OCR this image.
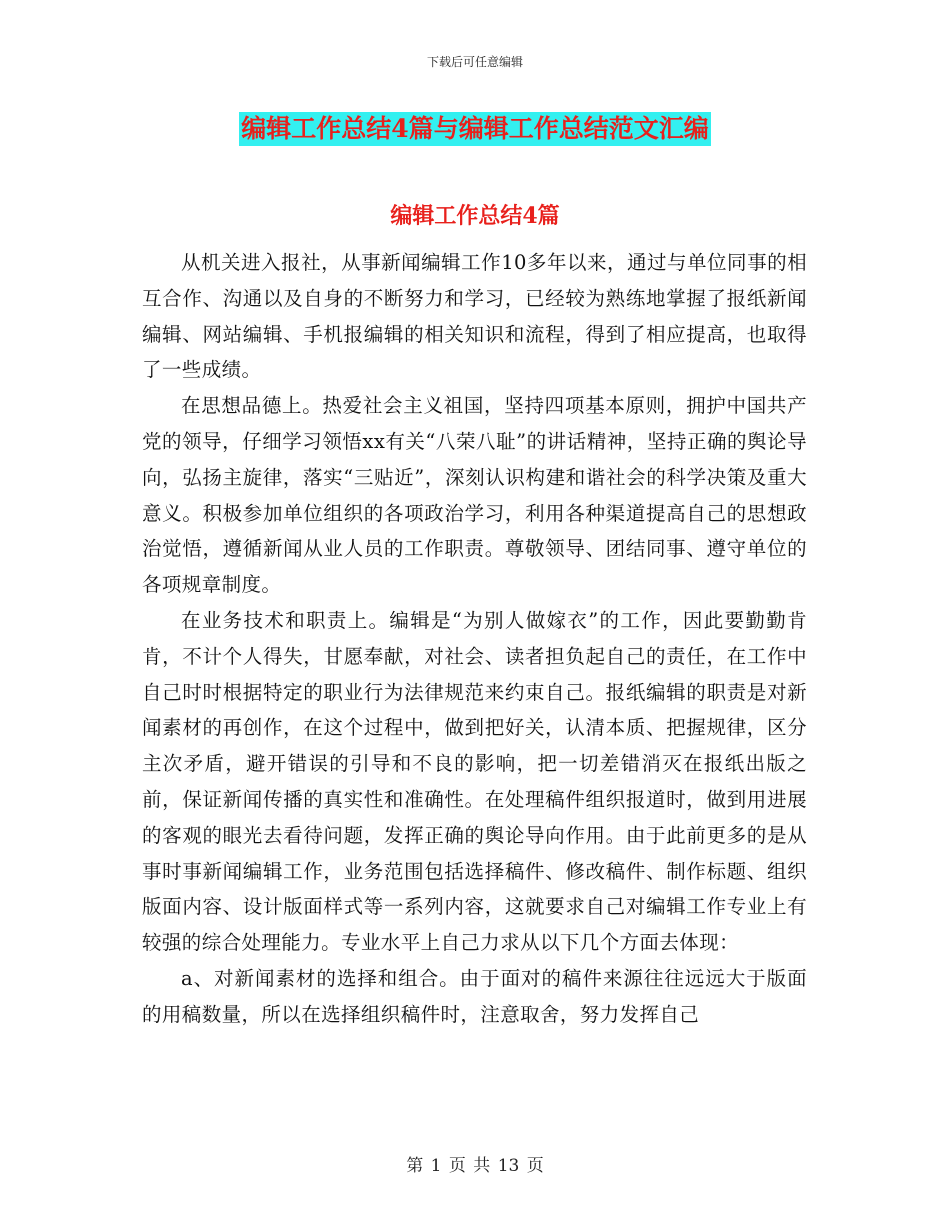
下载后可任意编辑
编辑工作总结4篇与编辑工作总结范文汇编
编辑工作总结4篇

从机关进入报社，从事新闻编辑工作10多年以来，通过与单位同事的相互合作、沟通以及自身的不断努力和学习，已经较为熟练地掌握了报纸新闻编辑、网站编辑、手机报编辑的相关知识和流程，得到了相应提高，也取得了一些成绩。

在思想品德上。热爱社会主义祖国，坚持四项基本原则，拥护中国共产党的领导，仔细学习领悟xx有关“八荣八耻”的讲话精神，坚持正确的舆论导向，弘扬主旋律，落实“三贴近”，深刻认识构建和谐社会的科学决策及重大意义。积极参加单位组织的各项政治学习，利用各种渠道提高自己的思想政治觉悟，遵循新闻从业人员的工作职责。尊敬领导、团结同事、遵守单位的各项规章制度。

在业务技术和职责上。编辑是“为别人做嫁衣”的工作，因此要勤勤肯肯，不计个人得失，甘愿奉献，对社会、读者担负起自己的责任，在工作中自己时时根据特定的职业行为法律规范来约束自己。报纸编辑的职责是对新闻素材的再创作，在这个过程中，做到把好关，认清本质、把握规律，区分主次矛盾，避开错误的引导和不良的影响，把一切差错消灭在报纸出版之前，保证新闻传播的真实性和准确性。在处理稿件组织报道时，做到用进展的客观的眼光去看待问题，发挥正确的舆论导向作用。由于此前更多的是从事时事新闻编辑工作，业务范围包括选择稿件、修改稿件、制作标题、组织版面内容、设计版面样式等一系列内容，这就要求自己对编辑工作专业上有较强的综合处理能力。专业水平上自己力求从以下几个方面去体现：

a、对新闻素材的选择和组合。由于面对的稿件来源往往远远大于版面的用稿数量，所以在选择组织稿件时，注意取舍，努力发挥自己

第 1 页 共 13 页
